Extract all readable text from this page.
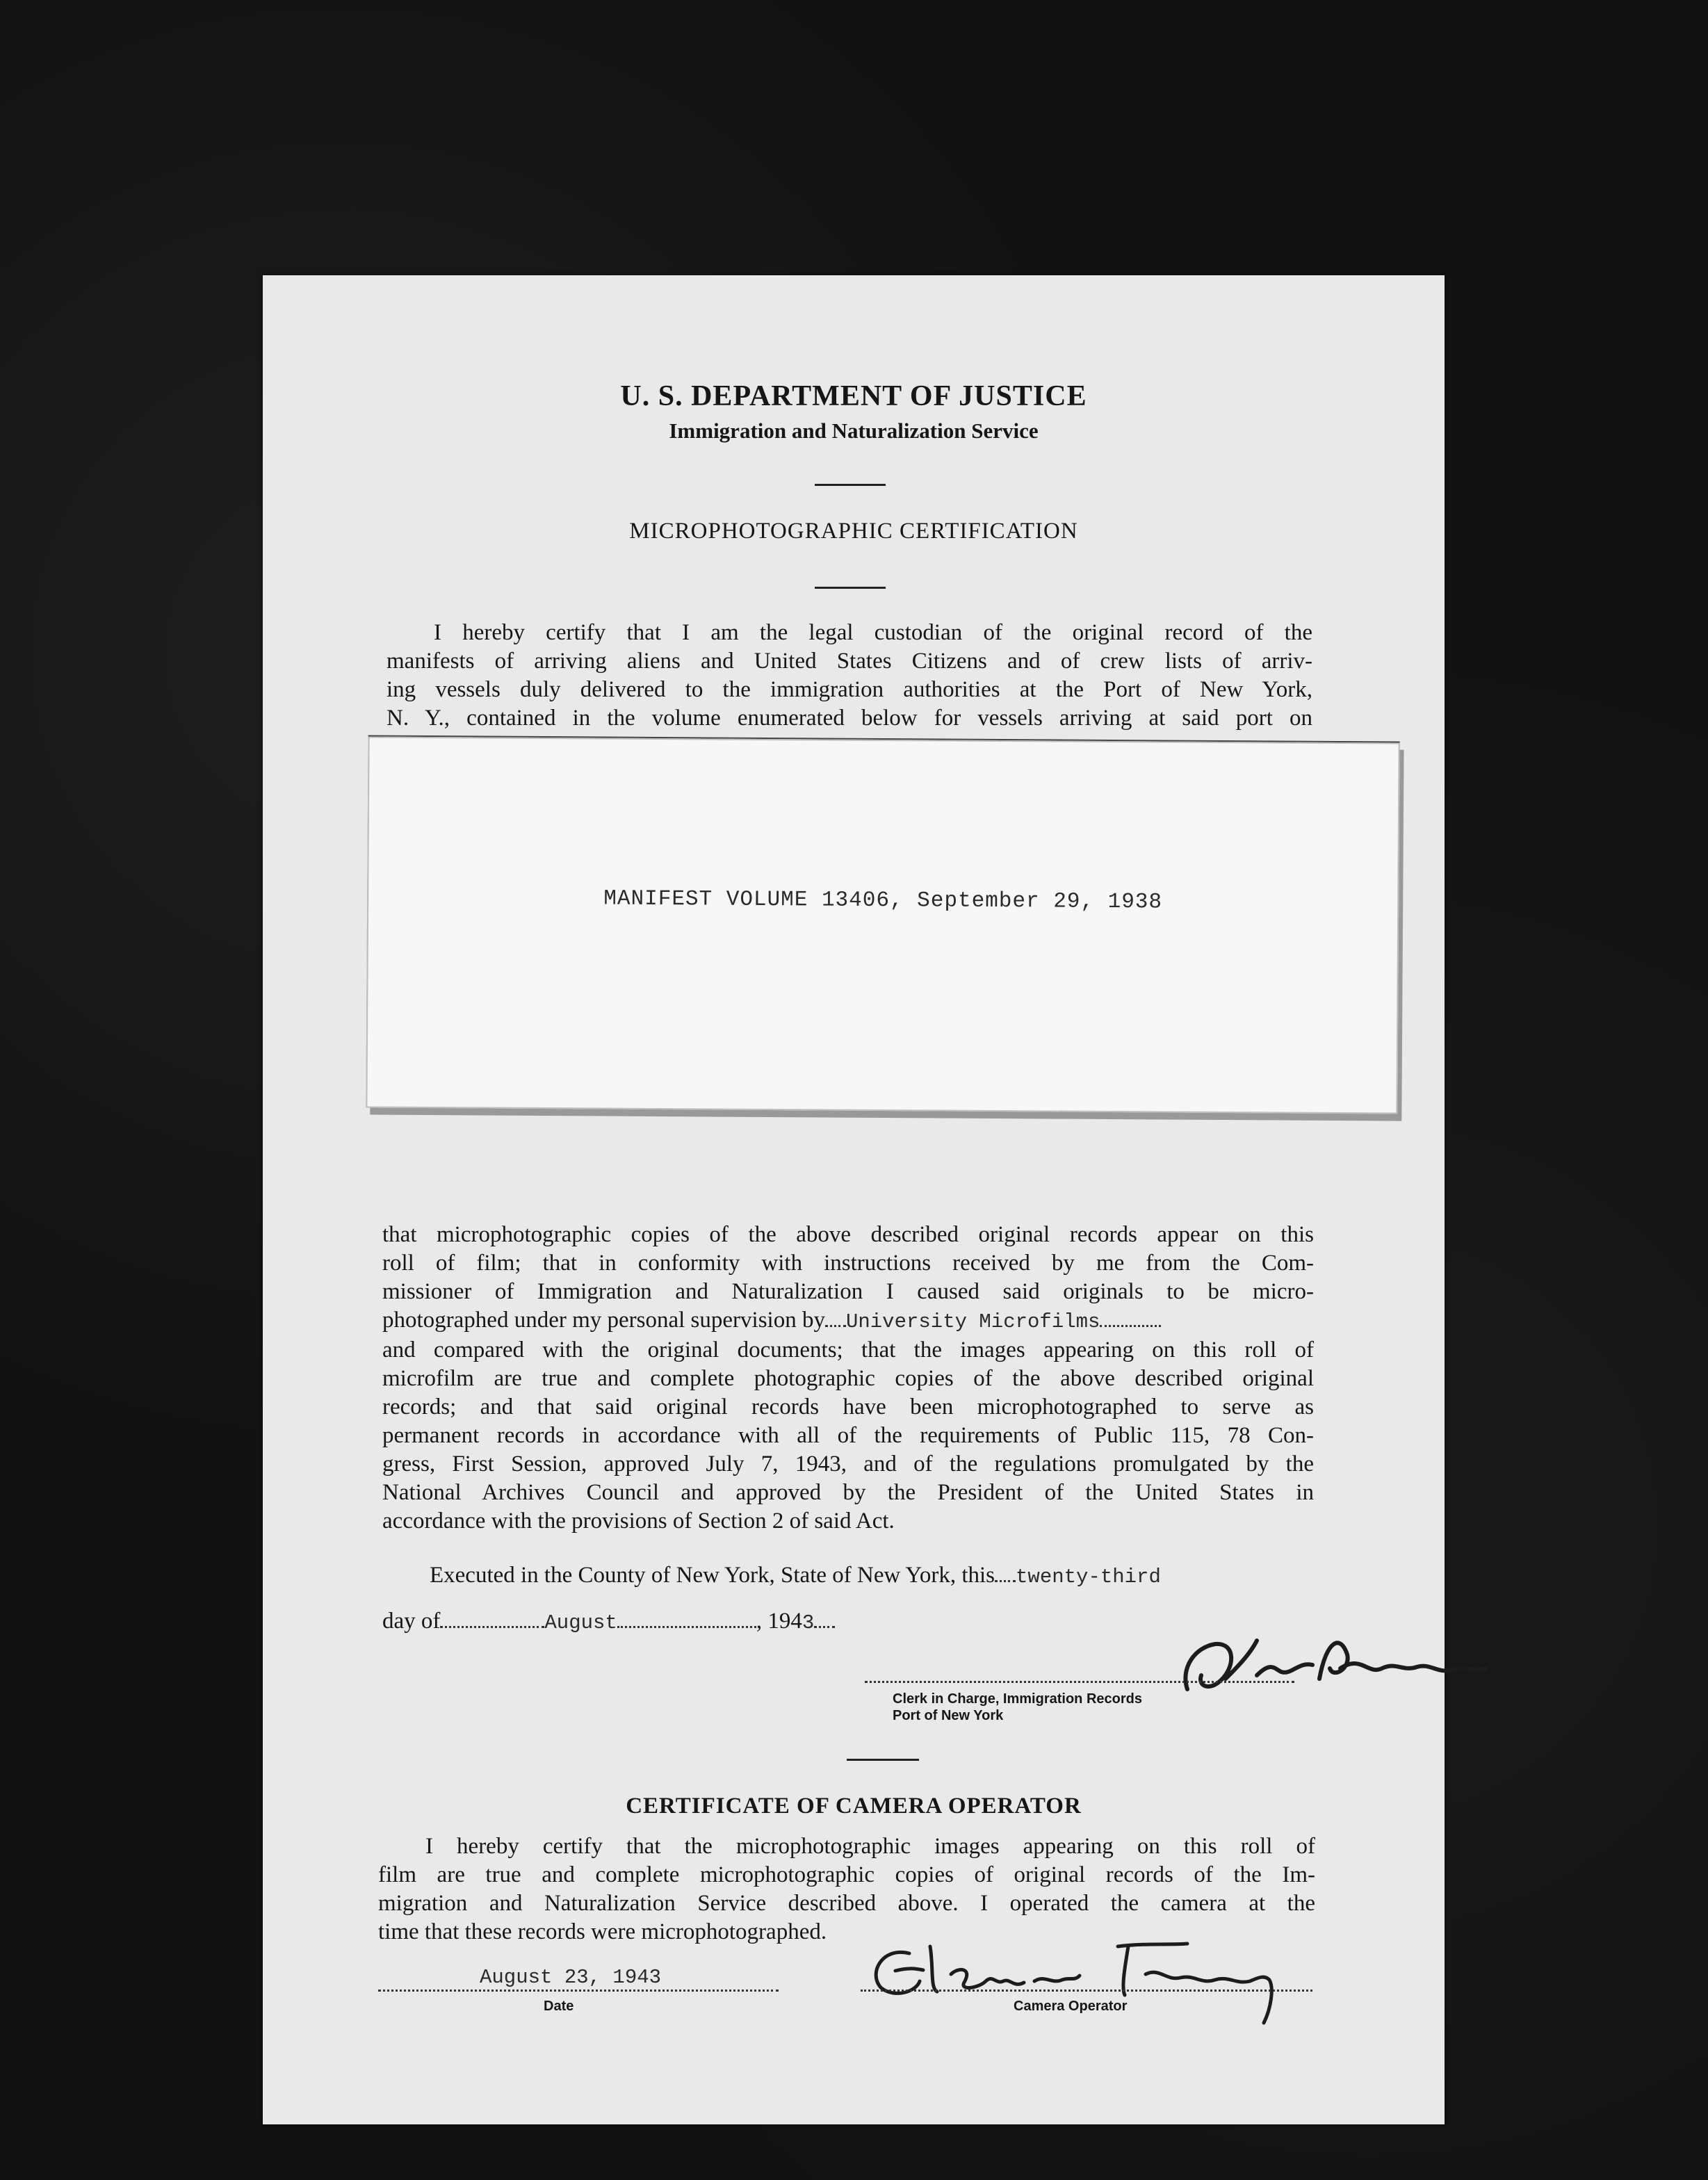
U. S. DEPARTMENT OF JUSTICE
Immigration and Naturalization Service
MICROPHOTOGRAPHIC CERTIFICATION
I hereby certify that I am the legal custodian of the original record of the
manifests of arriving aliens and United States Citizens and of crew lists of arriv-
ing vessels duly delivered to the immigration authorities at the Port of New York,
N. Y., contained in the volume enumerated below for vessels arriving at said port on
MANIFEST VOLUME 13406, September 29, 1938
that microphotographic copies of the above described original records appear on this
roll of film; that in conformity with instructions received by me from the Com-
missioner of Immigration and Naturalization I caused said originals to be micro-
photographed under my personal supervision by University Microfilms
and compared with the original documents; that the images appearing on this roll of
microfilm are true and complete photographic copies of the above described original
records; and that said original records have been microphotographed to serve as
permanent records in accordance with all of the requirements of Public 115, 78 Con-
gress, First Session, approved July 7, 1943, and of the regulations promulgated by the
National Archives Council and approved by the President of the United States in
accordance with the provisions of Section 2 of said Act.
Executed in the County of New York, State of New York, this twenty-third
day of	August	, 1943
Clerk in Charge, Immigration Records
Port of New York
CERTIFICATE OF CAMERA OPERATOR
I hereby certify that the microphotographic images appearing on this roll of
film are true and complete microphotographic copies of original records of the Im-
migration and Naturalization Service described above. I operated the camera at the
time that these records were microphotographed.
August 23, 1943
Date	Camera Operator
